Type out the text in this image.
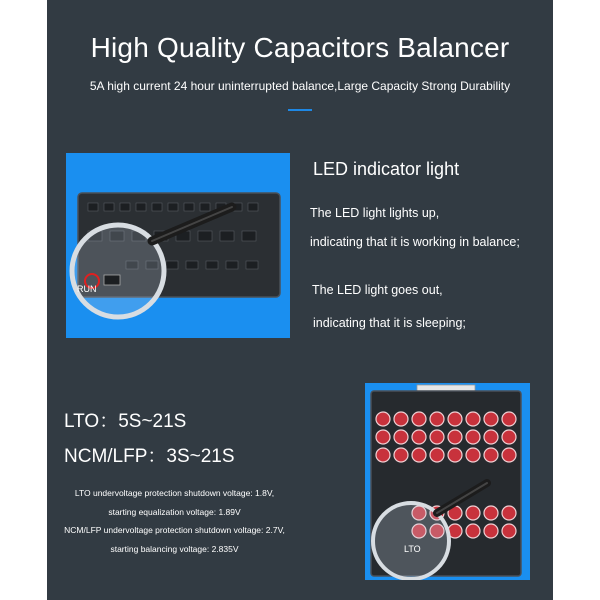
High Quality Capacitors Balancer
5A high current 24 hour uninterrupted balance,Large Capacity Strong Durability
RUN
LED indicator light
The LED light lights up,
indicating that it is working in balance;
The LED light goes out,
indicating that it is sleeping;
LTO：5S~21S
NCM/LFP：3S~21S
LTO undervoltage protection shutdown voltage: 1.8V,
starting equalization voltage: 1.89V
NCM/LFP undervoltage protection shutdown voltage: 2.7V,
starting balancing voltage: 2.835V	LTO
